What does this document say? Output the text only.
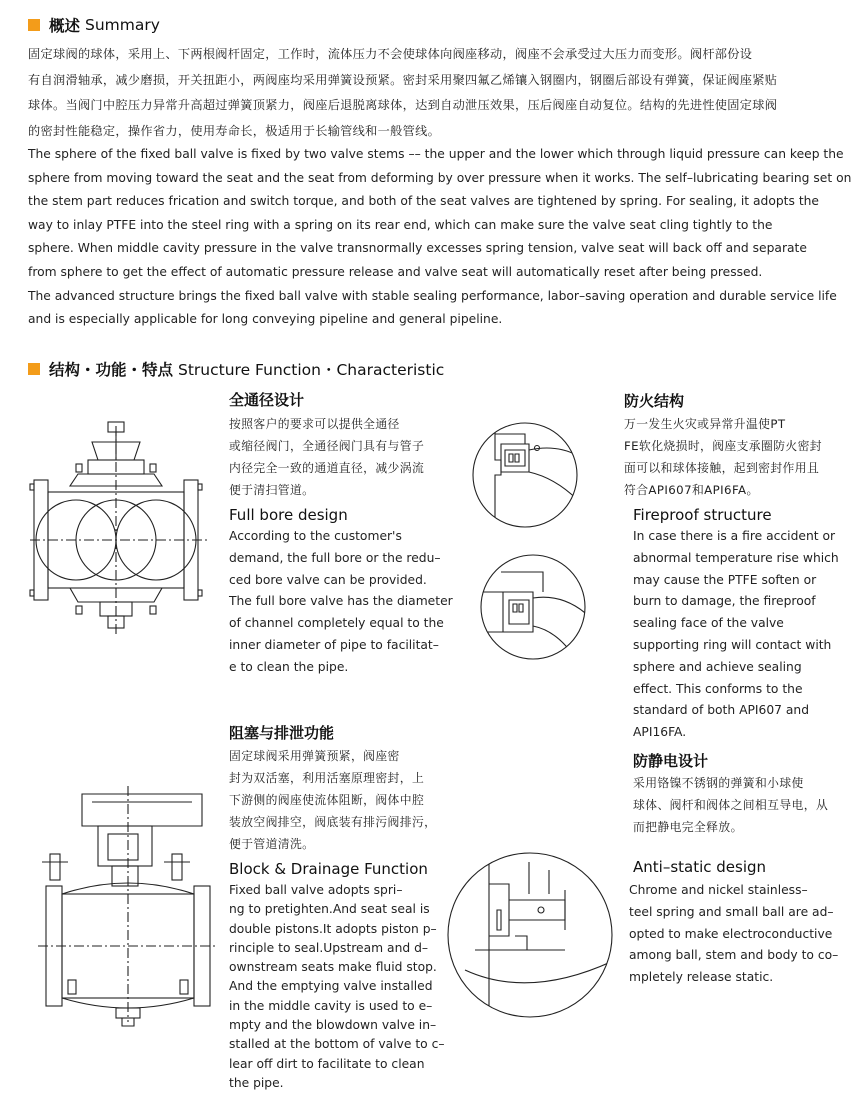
概述 Summary
固定球阀的球体，采用上、下两根阀杆固定，工作时，流体压力不会使球体向阀座移动，阀座不会承受过大压力而变形。阀杆部份设
有自润滑轴承，减少磨损，开关扭距小，两阀座均采用弹簧设预紧。密封采用聚四氟乙烯镶入钢圈内，钢圈后部设有弹簧，保证阀座紧贴
球体。当阀门中腔压力异常升高超过弹簧顶紧力，阀座后退脱离球体，达到自动泄压效果，压后阀座自动复位。结构的先进性使固定球阀
的密封性能稳定，操作省力，使用寿命长，极适用于长输管线和一般管线。
The sphere of the fixed ball valve is fixed by two valve stems –– the upper and the lower which through liquid pressure can keep the
sphere from moving toward the seat and the seat from deforming by over pressure when it works. The self–lubricating bearing set on
the stem part reduces frication and switch torque, and both of the seat valves are tightened by spring. For sealing, it adopts the
way to inlay PTFE into the steel ring with a spring on its rear end, which can make sure the valve seat cling tightly to the
sphere. When middle cavity pressure in the valve transnormally excesses spring tension, valve seat will back off and separate
from sphere to get the effect of automatic pressure release and valve seat will automatically reset after being pressed.
The advanced structure brings the fixed ball valve with stable sealing performance, labor–saving operation and durable service life
and is especially applicable for long conveying pipeline and general pipeline.
结构・功能・特点 Structure Function・Characteristic
全通径设计
按照客户的要求可以提供全通径
或缩径阀门，全通径阀门具有与管子
内径完全一致的通道直径，减少涡流
便于清扫管道。
Full bore design
According to the customer's
demand, the full bore or the redu–
ced bore valve can be provided.
The full bore valve has the diameter
of channel completely equal to the
inner diameter of pipe to facilitat–
e to clean the pipe.
防火结构
万一发生火灾或异常升温使PT
FE软化烧损时，阀座支承圈防火密封
面可以和球体接触，起到密封作用且
符合API607和API6FA。
Fireproof structure
In case there is a fire accident or
abnormal temperature rise which
may cause the PTFE soften or
burn to damage, the fireproof
sealing face of the valve
supporting ring will contact with
sphere and achieve sealing
effect. This conforms to the
standard of both API607 and
API16FA.
阻塞与排泄功能
固定球阀采用弹簧预紧，阀座密
封为双活塞，利用活塞原理密封，上
下游侧的阀座使流体阻断，阀体中腔
装放空阀排空，阀底装有排污阀排污，
便于管道清洗。
Block & Drainage Function
Fixed ball valve adopts spri–
ng to pretighten.And seat seal is
double pistons.It adopts piston p–
rinciple to seal.Upstream and d–
ownstream seats make fluid stop.
And the emptying valve installed
in the middle cavity is used to e–
mpty and the blowdown valve in–
stalled at the bottom of valve to c–
lear off dirt to facilitate to clean
the pipe.
防静电设计
采用铬镍不锈钢的弹簧和小球使
球体、阀杆和阀体之间相互导电，从
而把静电完全释放。
Anti–static design
Chrome and nickel stainless–
teel spring and small ball are ad–
opted to make electroconductive
among ball, stem and body to co–
mpletely release static.
